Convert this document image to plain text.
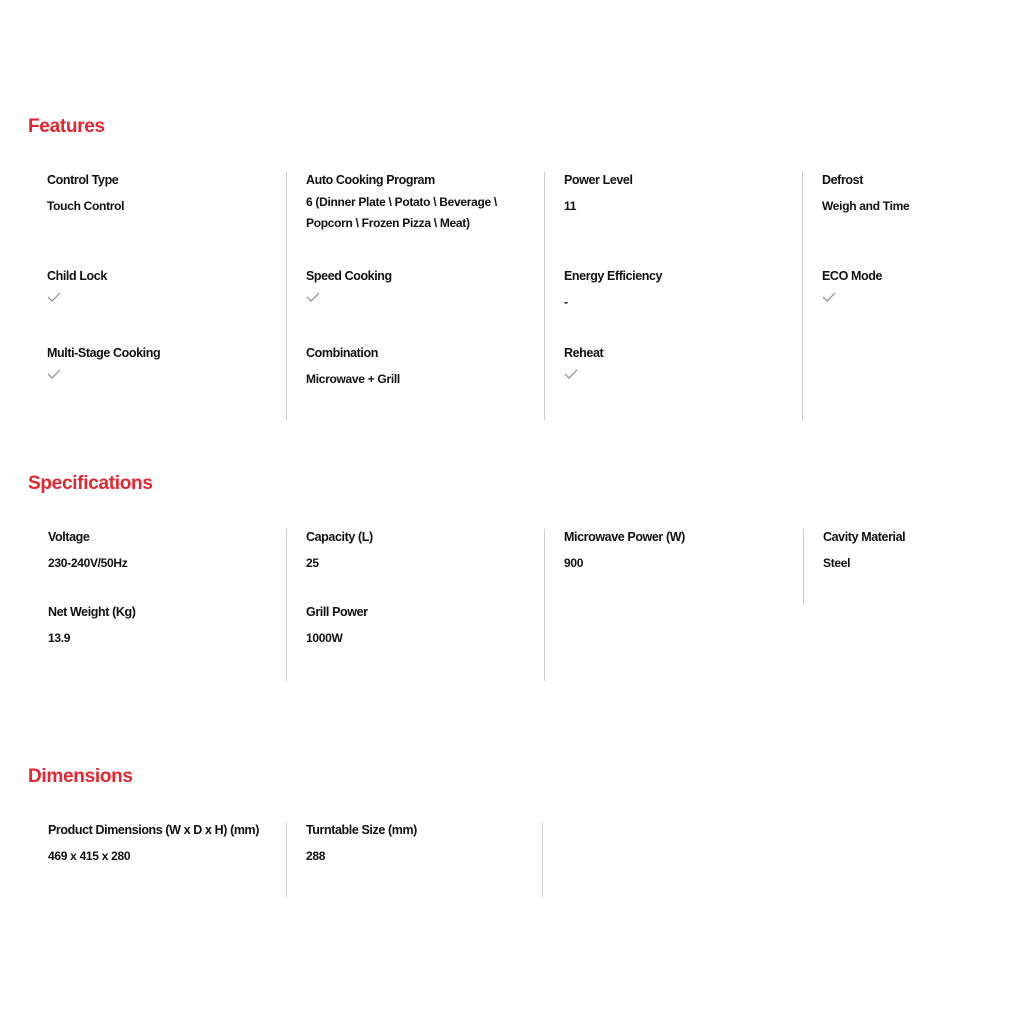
Features
Control Type
Touch Control
Child Lock
Multi-Stage Cooking
Auto Cooking Program
6 (Dinner Plate \ Potato \ Beverage \
Popcorn \ Frozen Pizza \ Meat)
Speed Cooking
Combination
Microwave + Grill
Power Level
11
Energy Efficiency
-
Reheat
Defrost
Weigh and Time
ECO Mode
Specifications
Voltage
230-240V/50Hz
Net Weight (Kg)
13.9
Capacity (L)
25
Grill Power
1000W
Microwave Power (W)
900
Cavity Material
Steel
Dimensions
Product Dimensions (W x D x H) (mm)
469 x 415 x 280
Turntable Size (mm)
288
